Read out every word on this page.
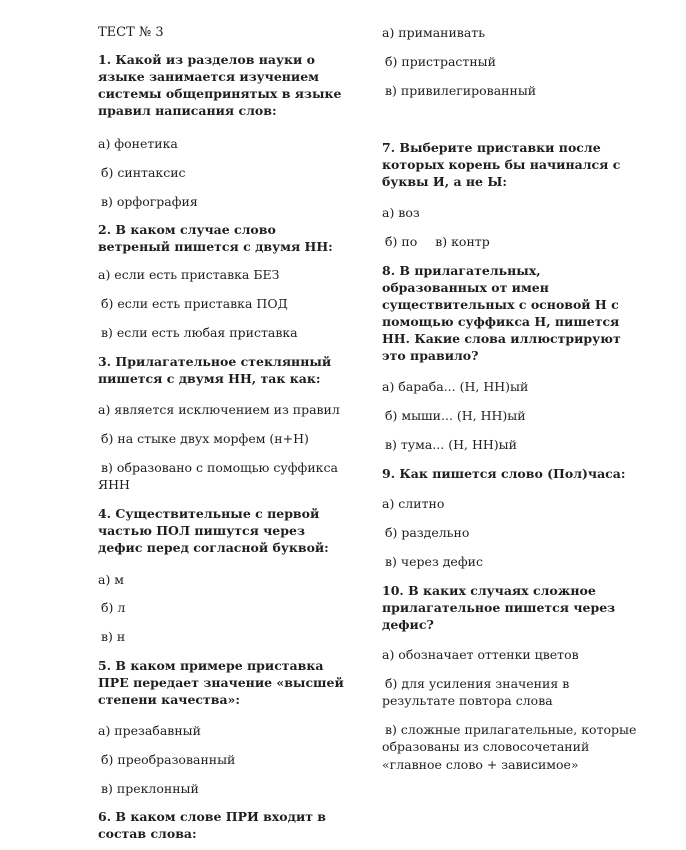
ТЕСТ № 3
1. Какой из разделов науки о языке занимается изучением системы общепринятых в языке правил написания слов:
а) фонетика
б) синтаксис
в) орфография
2. В каком случае слово ветреный пишется с двумя НН:
а) если есть приставка БЕЗ
б) если есть приставка ПОД
в) если есть любая приставка
3. Прилагательное стеклянный пишется с двумя НН, так как:
а) является исключением из правил
б) на стыке двух морфем (н+Н)
в) образовано с помощью суффикса
ЯНН
4. Существительные с первой частью ПОЛ пишутся через дефис перед согласной буквой:
а) м
б) л
в) н
5. В каком примере приставка ПРЕ передает значение «высшей степени качества»:
а) презабавный
б) преобразованный
в) преклонный
6. В каком слове ПРИ входит в состав слова:
а) приманивать
б) пристрастный
в) привилегированный
7. Выберите приставки после которых корень бы начинался с буквы И, а не Ы:
а) воз
б) по в) контр
8. В прилагательных, образованных от имен существительных с основой Н с помощью суффикса Н, пишется НН. Какие слова иллюстрируют это правило?
а) бараба... (Н, НН)ый
б) мыши... (Н, НН)ый
в) тума... (Н, НН)ый
9. Как пишется слово (Пол)часа:
а) слитно
б) раздельно
в) через дефис
10. В каких случаях сложное прилагательное пишется через дефис?
а) обозначает оттенки цветов
б) для усиления значения в
результате повтора слова
в) сложные прилагательные, которые
образованы из словосочетаний
«главное слово + зависимое»
